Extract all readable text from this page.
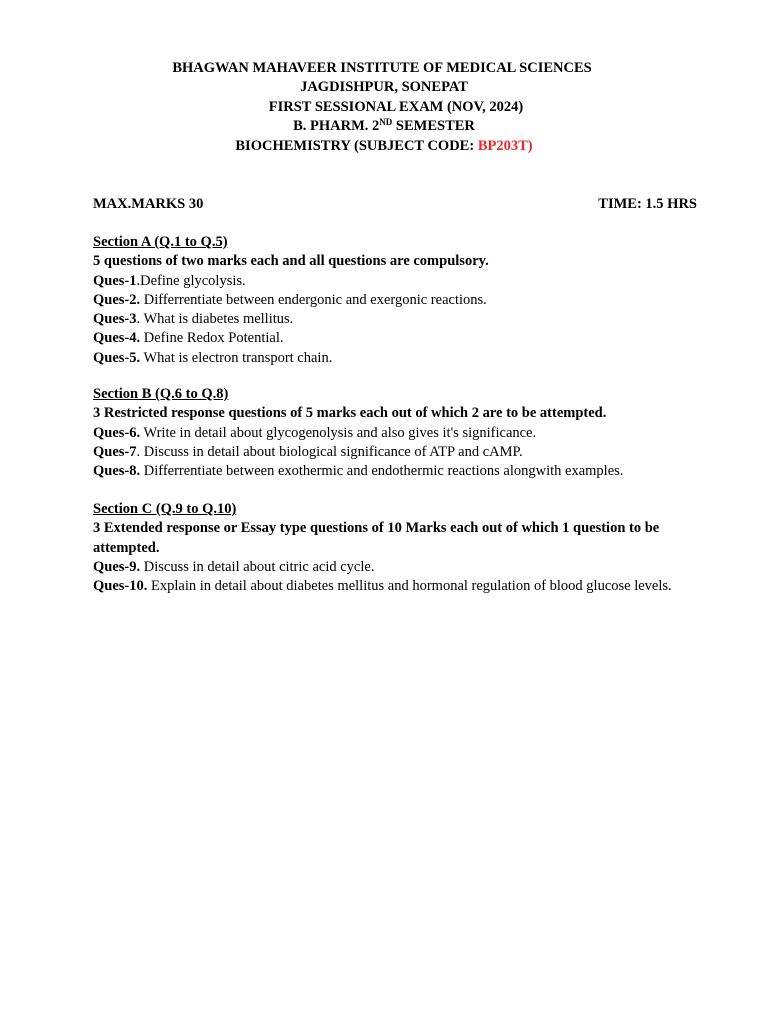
BHAGWAN MAHAVEER INSTITUTE OF MEDICAL SCIENCES
JAGDISHPUR, SONEPAT
FIRST SESSIONAL EXAM (NOV, 2024)
B. PHARM. 2ND SEMESTER
BIOCHEMISTRY (SUBJECT CODE: BP203T)
MAX.MARKS 30	TIME: 1.5 HRS
Section A (Q.1 to Q.5)
5 questions of two marks each and all questions are compulsory.
Ques-1.Define glycolysis.
Ques-2. Differrentiate between endergonic and exergonic reactions.
Ques-3. What is diabetes mellitus.
Ques-4. Define Redox Potential.
Ques-5. What is electron transport chain.
Section B (Q.6 to Q.8)
3 Restricted response questions of 5 marks each out of which 2 are to be attempted.
Ques-6. Write in detail about glycogenolysis and also gives it's significance.
Ques-7. Discuss in detail about biological significance of ATP and cAMP.
Ques-8. Differrentiate between exothermic and endothermic reactions alongwith examples.
Section C (Q.9 to Q.10)
3 Extended response or Essay type questions of 10 Marks each out of which 1 question to be attempted.
Ques-9. Discuss in detail about citric acid cycle.
Ques-10. Explain in detail about diabetes mellitus and hormonal regulation of blood glucose levels.
